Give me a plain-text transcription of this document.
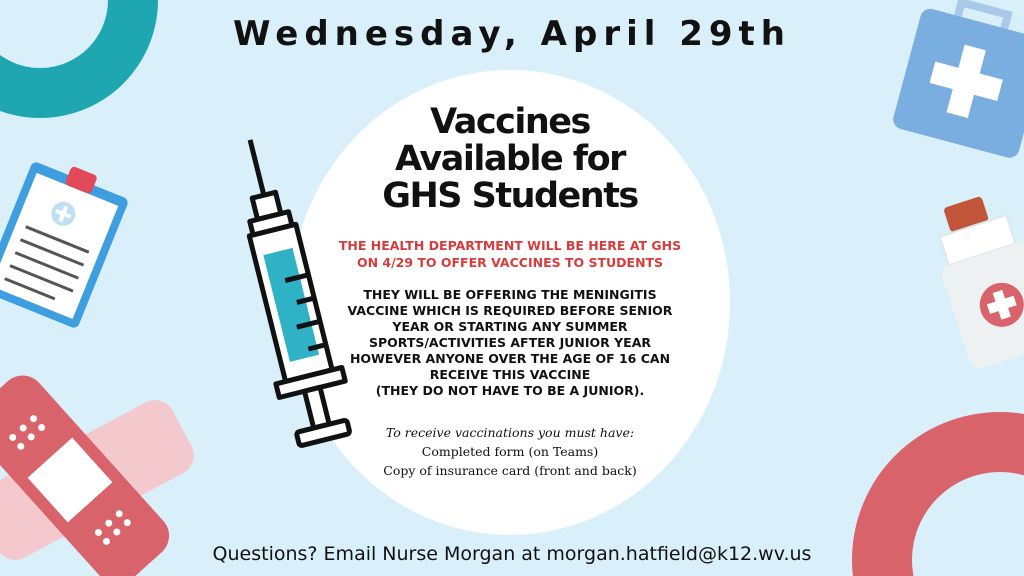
Wednesday, April 29th
Vaccines
Available for
GHS Students
THE HEALTH DEPARTMENT WILL BE HERE AT GHS
ON 4/29 TO OFFER VACCINES TO STUDENTS
THEY WILL BE OFFERING THE MENINGITIS
VACCINE WHICH IS REQUIRED BEFORE SENIOR
YEAR OR STARTING ANY SUMMER
SPORTS/ACTIVITIES AFTER JUNIOR YEAR
HOWEVER ANYONE OVER THE AGE OF 16 CAN
RECEIVE THIS VACCINE
(THEY DO NOT HAVE TO BE A JUNIOR).
To receive vaccinations you must have:
Completed form (on Teams)
Copy of insurance card (front and back)
Questions? Email Nurse Morgan at morgan.hatfield@k12.wv.us
